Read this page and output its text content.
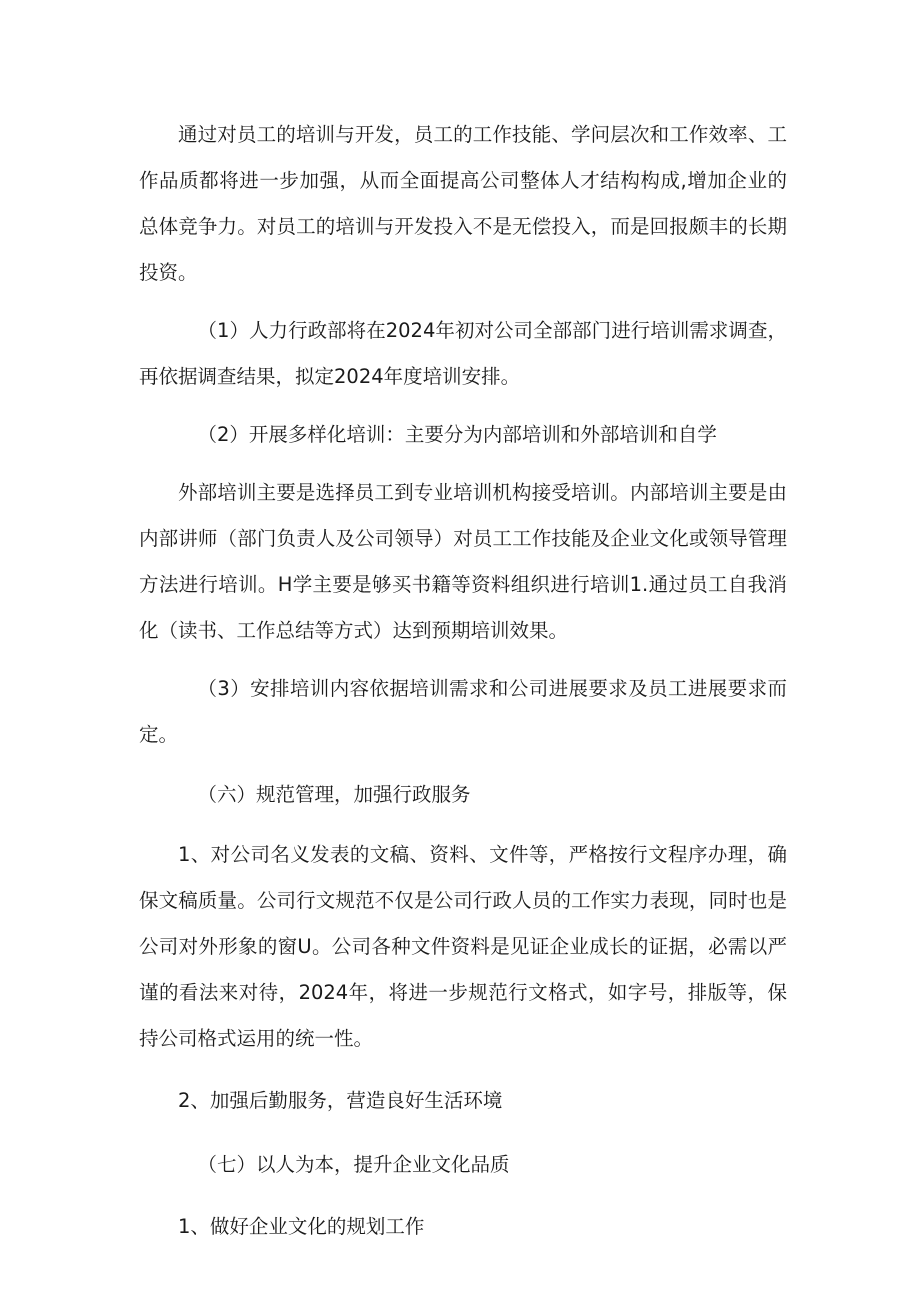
通过对员工的培训与开发，员工的工作技能、学问层次和工作效率、工作品质都将进一步加强，从而全面提高公司整体人才结构构成,增加企业的总体竞争力。对员工的培训与开发投入不是无偿投入，而是回报颇丰的长期投资。

（1）人力行政部将在2024年初对公司全部部门进行培训需求调查，再依据调查结果，拟定2024年度培训安排。

（2）开展多样化培训：主要分为内部培训和外部培训和自学

外部培训主要是选择员工到专业培训机构接受培训。内部培训主要是由内部讲师（部门负责人及公司领导）对员工工作技能及企业文化或领导管理方法进行培训。H学主要是够买书籍等资料组织进行培训1.通过员工自我消化（读书、工作总结等方式）达到预期培训效果。

（3）安排培训内容依据培训需求和公司进展要求及员工进展要求而定。

（六）规范管理，加强行政服务

1、对公司名义发表的文稿、资料、文件等，严格按行文程序办理，确保文稿质量。公司行文规范不仅是公司行政人员的工作实力表现，同时也是公司对外形象的窗U。公司各种文件资料是见证企业成长的证据，必需以严谨的看法来对待，2024年，将进一步规范行文格式，如字号，排版等，保持公司格式运用的统一性。

2、加强后勤服务，营造良好生活环境

（七）以人为本，提升企业文化品质

1、做好企业文化的规划工作
